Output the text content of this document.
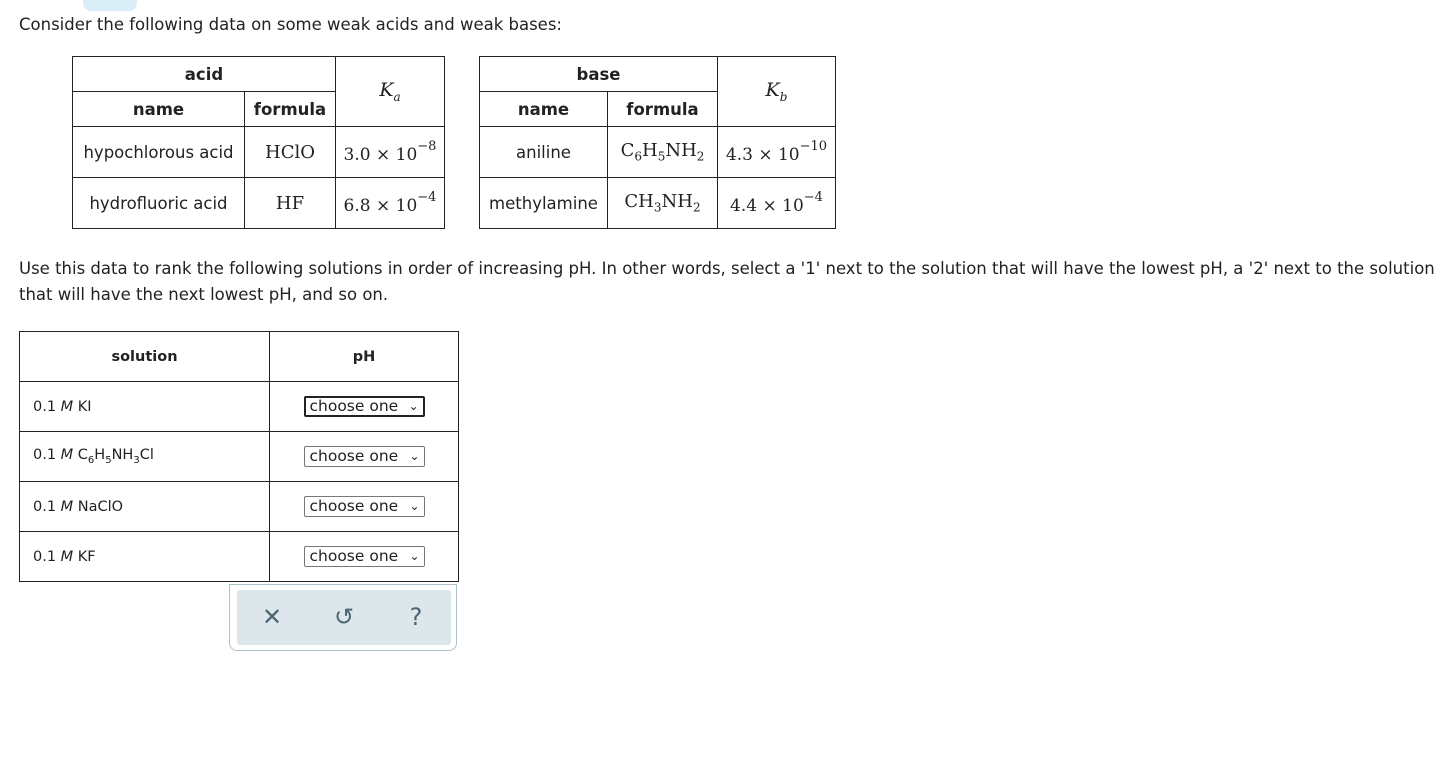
Consider the following data on some weak acids and weak bases:
acid		$K_a$
name	formula	
hypochlorous acid	HClO	$3.0 \times 10^{-8}$
hydrofluoric acid	HF	$6.8 \times 10^{-4}$
base		$K_b$
name	formula	
aniline	$C_6H_5NH_2$	$4.3 \times 10^{-10}$
methylamine	$CH_3NH_2$	$4.4 \times 10^{-4}$
Use this data to rank the following solutions in order of increasing pH. In other words, select a '1' next to the solution that will have the lowest pH, a '2' next to the solution that will have the next lowest pH, and so on.
solution	pH
0.1 M KI	choose one ⌄

0.1 M $C_6H_5NH_3Cl$	choose one ⌄

0.1 M NaClO	choose one ⌄

0.1 M KF	choose one ⌄
✕ ↺ ?
